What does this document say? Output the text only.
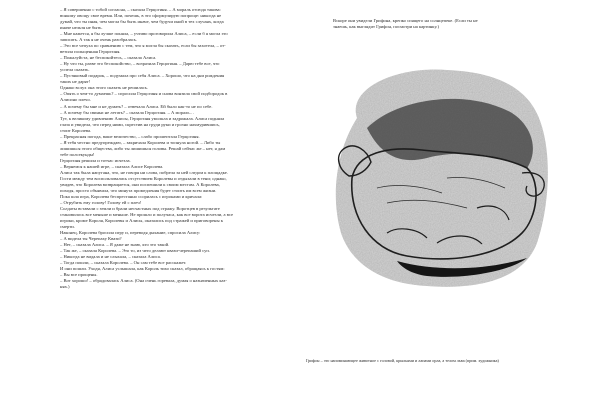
– Я совершенно с тобой согласна, – сказала Герцогиня. – А мораль отсюда такова:

всякому овощу свое время. Или, почешь, в это сформулирую попроще: никогда не

думай, что ты иная, чем могла бы быть иначе, чем будучи иной в тех случаях, когда

иначе нельзя не быть.

– Мне кажется, я бы лучше поняла, – учтиво проговорила Алиса, – если б я могла это

записать. А так я не очень разобралась.

– Это все чепуха по сравнению с тем, что я могла бы сказать, если бы захотела, – от-

ветила польщенная Герцогиня.

– Пожалуйста, не беспокойтесь, – сказала Алиса.

– Ну что ты, разве это беспокойство, – возразила Герцогиня. – Дарю тебе все, что

успела сказать.

– Пустяковый подарок, – подумала про себя Алиса. – Хорошо, что на дни рождения

таких не дарят!

Однако вслух она этого сказать не решилась.

– Опять о чем-то думаешь? – спросила Герцогиня и снова вонзила свой подбородок в

Алисино плечо.

– А почему бы мне и не думать? – отвечала Алиса. Ей было как-то не по себе.

– А почему бы свиньи не летать? – сказала Герцогиня. – А мораль…

Тут, к великому удивлению Алисы, Герцогиня умолкла и задрожала. Алиса подняла

глаза и увидела, что перед ними, скрестив на груди руки и грозно нахмурившись,

стоит Королева.

– Прекрасная погода, ваше величество, – слабо прошептала Герцогиня.

– Я тебя честно предупреждаю, – закричала Королева и топнула ногой. – Либо ты

лишишься этого общества, либо ты лишишься головы. Решай сейчас же – нет, я дам

тебе полсекунды!

Герцогиня решила и тотчас исчезла.

– Вернемся к нашей игре, – сказала Алисе Королева.

Алиса так была напугана, что, не говоря ни слова, побрела за ней следом к площадке.

Гости между тем воспользовались отсутствием Королевы и отдыхали в тени; однако,

увидев, что Королева возвращается, они поспешили к своим местам. А Королева,

походя, просто объявила, что минута промедления будет стоить им всем жизни.

Пока шла игра, Королева беспрестанно ссорилась с игроками и кричала:

– Отрубить ему голову! Голову ей с плеч!

Солдаты вставали с земли и брали несчастных под стражу. Воротцев в результате

становилось все меньше и меньше. Не прошло и получаса, как все ворота исчезли, а все

игроки, кроме Короля, Королевы и Алисы, оказались под стражей и приговорены к

смерти.

Наконец, Королева бросила игру и, переводя дыхание, спросила Алису:

– А видела ты Черепаху Квази?

– Нет, – сказала Алиса. – Я даже не знаю, кто это такой.

– Так же, – сказала Королева. – Это то, из чего делают квази-черепаший суп.

– Никогда не видала и не слыхала, – сказала Алиса.

– Тогда пошли, – сказала Королева. – Он сам тебе все расскажет.

И они пошли. Уходя, Алиса услышала, как Король тихо сказал, обращаясь к гостям:

– Вы все прощены.

– Вот хорошо! – обрадовалась Алиса. (Она очень горевала, думая о назначенных каз-

нях.)

Вскоре они увидели Грифона, крепко спящего на солнцепеке. (Если ты не знаешь, как выглядит Грифон, посмотри на картинку.)
Грифон – это напоминающее животное с головой, крыльями и лапами орла, а телом льва (прим. художника)
